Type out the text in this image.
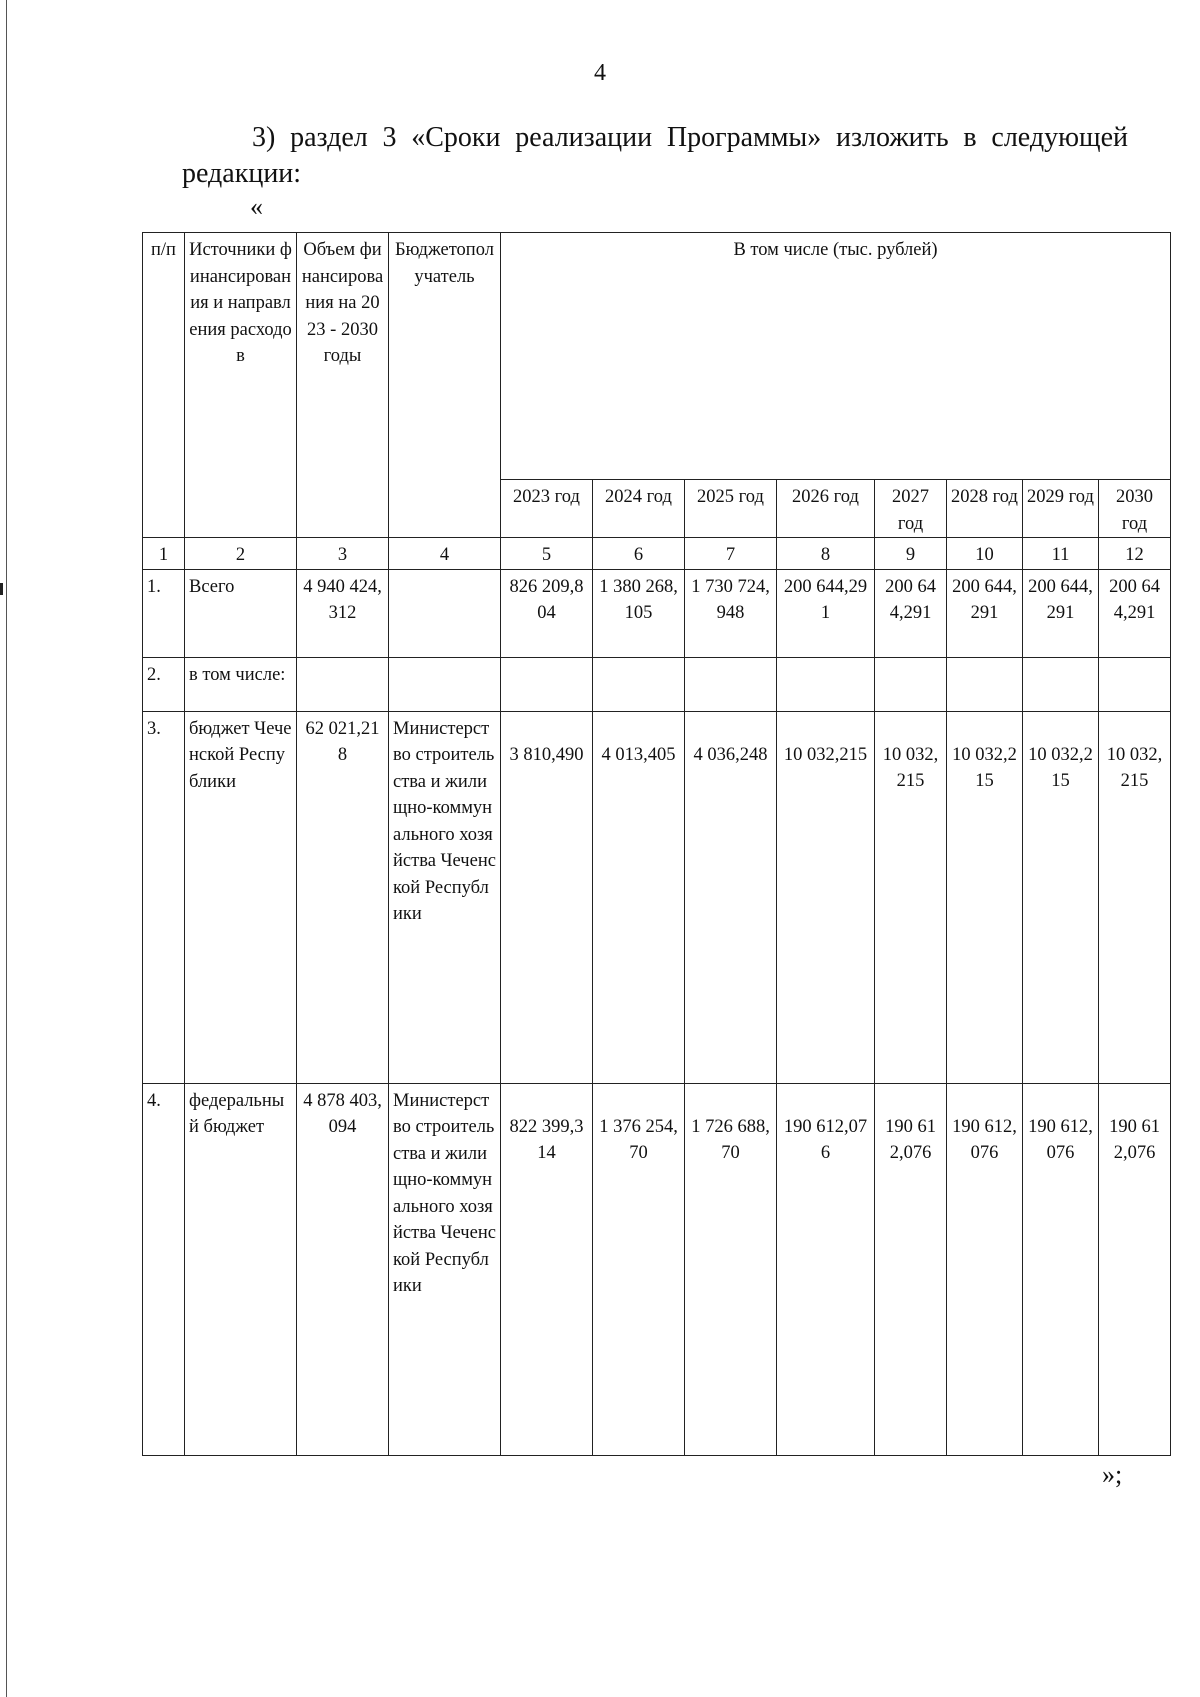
4
3) раздел 3 «Сроки реализации Программы» изложить в следующей редакции:
«
п/п	Источники финансирования и направления расходов	Объем финансирования на 2023 - 2030 годы	Бюджетополучатель	В том числе (тыс. рублей)							
				2023 год	2024 год	2025 год	2026 год	2027 год	2028 год	2029 год	2030 год
1	2	3	4	5	6	7	8	9	10	11	12
1.	Всего	4 940 424,312		826 209,804	1 380 268,105	1 730 724,948	200 644,291	200 644,291	200 644,291	200 644,291	200 644,291
2.	в том числе:										
3.	бюджет Чеченской Республики	62 021,218	Министерство строительства и жилищно-коммунального хозяйства Чеченской Республики	3 810,490	4 013,405	4 036,248	10 032,215	10 032,215	10 032,215	10 032,215	10 032,215
4.	федеральный бюджет	4 878 403,094	Министерство строительства и жилищно-коммунального хозяйства Чеченской Республики	822 399,314	1 376 254,70	1 726 688,70	190 612,076	190 612,076	190 612,076	190 612,076	190 612,076
»;
